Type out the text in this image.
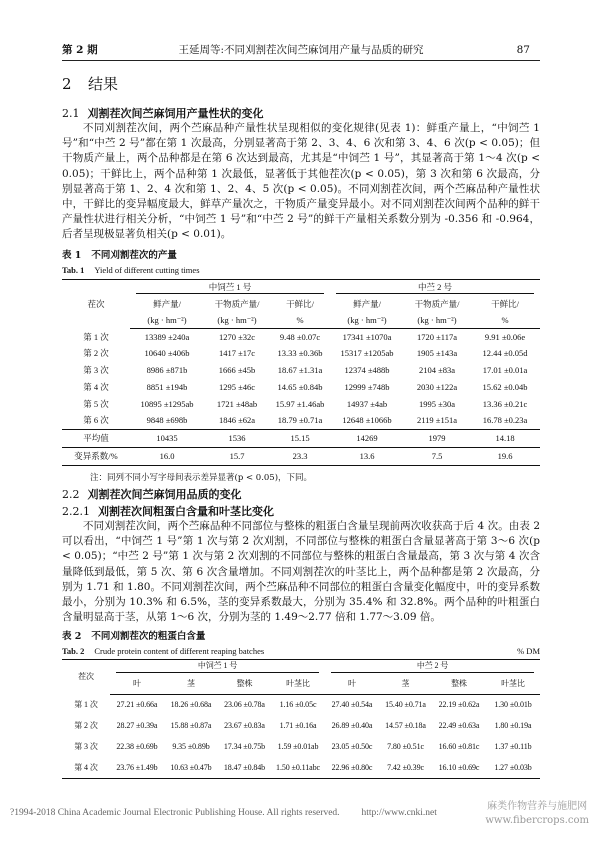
第 2 期	王延周等:不同刈割茬次间苎麻饲用产量与品质的研究	87
2 结果
2.1 刈割茬次间苎麻饲用产量性状的变化

不同刈割茬次间，两个苎麻品种产量性状呈现相似的变化规律(见表 1)：鲜重产量上，“中饲苎 1 号”和“中苎 2 号”都在第 1 次最高，分别显著高于第 2、3、4、6 次和第 3、4、6 次(p < 0.05)；但干物质产量上，两个品种都是在第 6 次达到最高，尤其是“中饲苎 1 号”，其显著高于第 1～4 次(p < 0.05)；干鲜比上，两个品种第 1 次最低，显著低于其他茬次(p < 0.05)，第 3 次和第 6 次最高，分别显著高于第 1、2、4 次和第 1、2、4、5 次(p < 0.05)。不同刈割茬次间，两个苎麻品种产量性状中，干鲜比的变异幅度最大，鲜草产量次之，干物质产量变异最小。对不同刈割茬次间两个品种的鲜干产量性状进行相关分析，“中饲苎 1 号”和“中苎 2 号”的鲜干产量相关系数分别为 -0.356 和 -0.964，后者呈现极显著负相关(p < 0.01)。

表 1 不同刈割茬次的产量
Tab. 1 Yield of different cutting times
茬次	中饲苎 1 号			中苎 2 号		

	鲜产量/	干物质产量/	干鲜比/	鲜产量/	干物质产量/	干鲜比/
	(kg · hm⁻²)	(kg · hm⁻²)	%	(kg · hm⁻²)	(kg · hm⁻²)	%
第 1 次	13389 ±240a	1270 ±32c	9.48 ±0.07c	17341 ±1070a	1720 ±117a	9.91 ±0.06e
第 2 次	10640 ±406b	1417 ±17c	13.33 ±0.36b	15317 ±1205ab	1905 ±143a	12.44 ±0.05d
第 3 次	8986 ±871b	1666 ±45b	18.67 ±1.31a	12374 ±488b	2104 ±83a	17.01 ±0.01a
第 4 次	8851 ±194b	1295 ±46c	14.65 ±0.84b	12999 ±748b	2030 ±122a	15.62 ±0.04b
第 5 次	10895 ±1295ab	1721 ±48ab	15.97 ±1.46ab	14937 ±4ab	1995 ±30a	13.36 ±0.21c
第 6 次	9848 ±698b	1846 ±62a	18.79 ±0.71a	12648 ±1066b	2119 ±151a	16.78 ±0.23a
平均值	10435	1536	15.15	14269	1979	14.18
变异系数/%	16.0	15.7	23.3	13.6	7.5	19.6
注：同列不同小写字母间表示差异显著(p < 0.05)，下同。
2.2 刈割茬次间苎麻饲用品质的变化
2.2.1 刈割茬次间粗蛋白含量和叶茎比变化

不同刈割茬次间，两个苎麻品种不同部位与整株的粗蛋白含量呈现前两次收获高于后 4 次。由表 2 可以看出，“中饲苎 1 号”第 1 次与第 2 次刈割，不同部位与整株的粗蛋白含量显著高于第 3～6 次(p < 0.05)；“中苎 2 号”第 1 次与第 2 次刈割的不同部位与整株的粗蛋白含量最高，第 3 次与第 4 次含量降低到最低，第 5 次、第 6 次含量增加。不同刈割茬次的叶茎比上，两个品种都是第 2 次最高，分别为 1.71 和 1.80。不同刈割茬次间，两个苎麻品种不同部位的粗蛋白含量变化幅度中，叶的变异系数最小，分别为 10.3% 和 6.5%，茎的变异系数最大，分别为 35.4% 和 32.8%。两个品种的叶粗蛋白含量明显高于茎，从第 1～6 次，分别为茎的 1.49～2.77 倍和 1.77～3.09 倍。

表 2 不同刈割茬次的粗蛋白含量
Tab. 2 Crude protein content of different reaping batches	% DM
茬次	中饲苎 1 号				中苎 2 号			

	叶	茎	整株	叶茎比	叶	茎	整株	叶茎比
第 1 次	27.21 ±0.66a	18.26 ±0.68a	23.06 ±0.78a	1.16 ±0.05c	27.40 ±0.54a	15.40 ±0.71a	22.19 ±0.62a	1.30 ±0.01b
第 2 次	28.27 ±0.39a	15.88 ±0.87a	23.67 ±0.83a	1.71 ±0.16a	26.89 ±0.40a	14.57 ±0.18a	22.49 ±0.63a	1.80 ±0.19a
第 3 次	22.38 ±0.69b	9.35 ±0.89b	17.34 ±0.75b	1.59 ±0.01ab	23.05 ±0.50c	7.80 ±0.51c	16.60 ±0.81c	1.37 ±0.11b
第 4 次	23.76 ±1.49b	10.63 ±0.47b	18.47 ±0.84b	1.50 ±0.11abc	22.96 ±0.80c	7.42 ±0.39c	16.10 ±0.69c	1.27 ±0.03b
?1994-2018 China Academic Journal Electronic Publishing House. All rights reserved. http://www.cnki.net
麻类作物营养与施肥网
www.fibercrops.com
